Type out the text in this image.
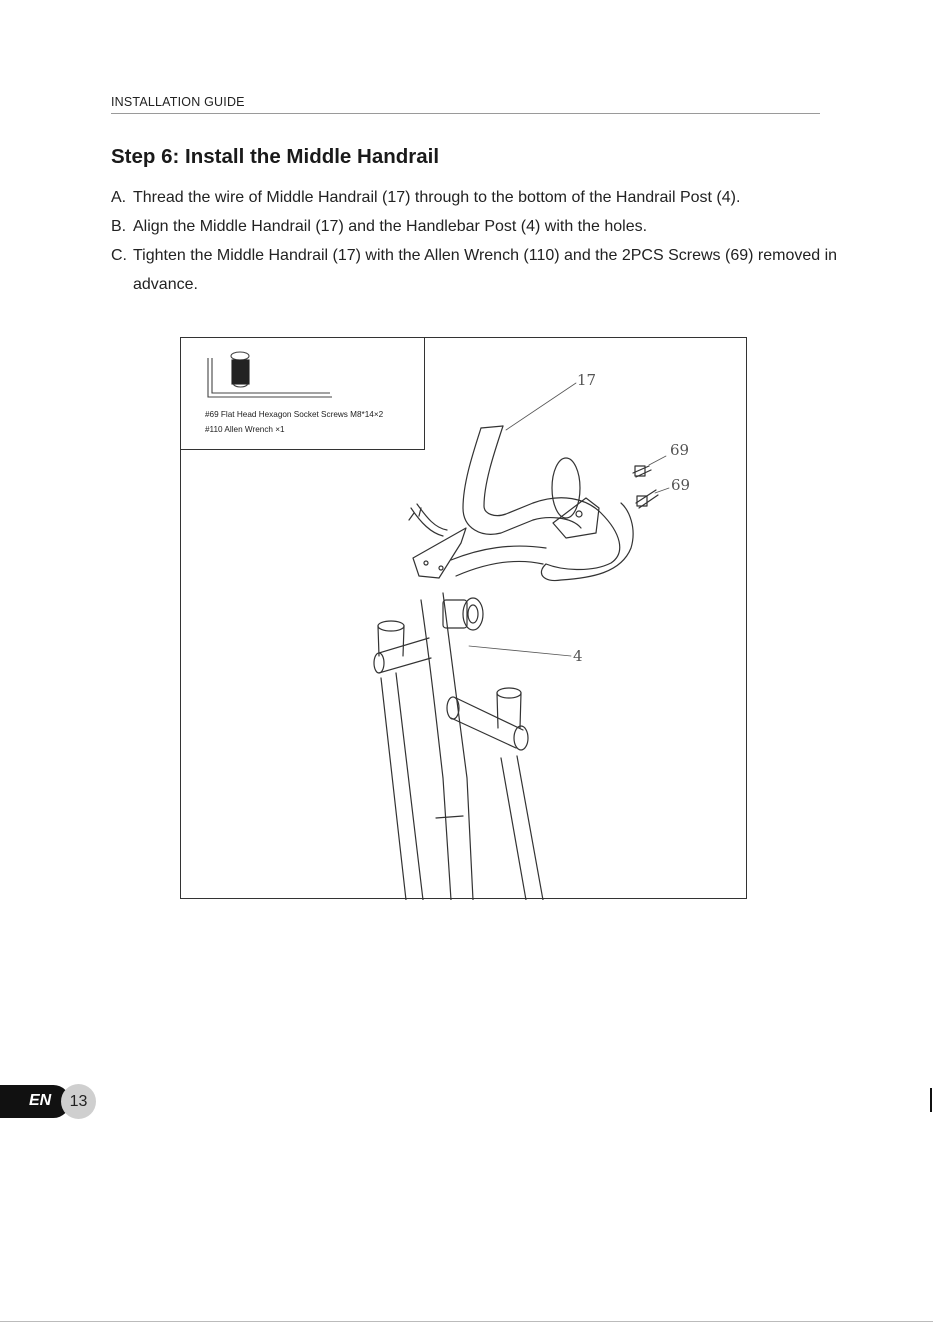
INSTALLATION GUIDE
Step 6: Install the Middle Handrail
A. Thread the wire of Middle Handrail (17) through to the bottom of the Handrail Post (4).
B. Align the Middle Handrail (17) and the Handlebar Post (4) with the holes.
C. Tighten the Middle Handrail (17) with the Allen Wrench (110) and the 2PCS Screws (69) removed in advance.
#69 Flat Head Hexagon Socket Screws M8*14×2
#110 Allen Wrench ×1
17
69
69
4
EN	13
